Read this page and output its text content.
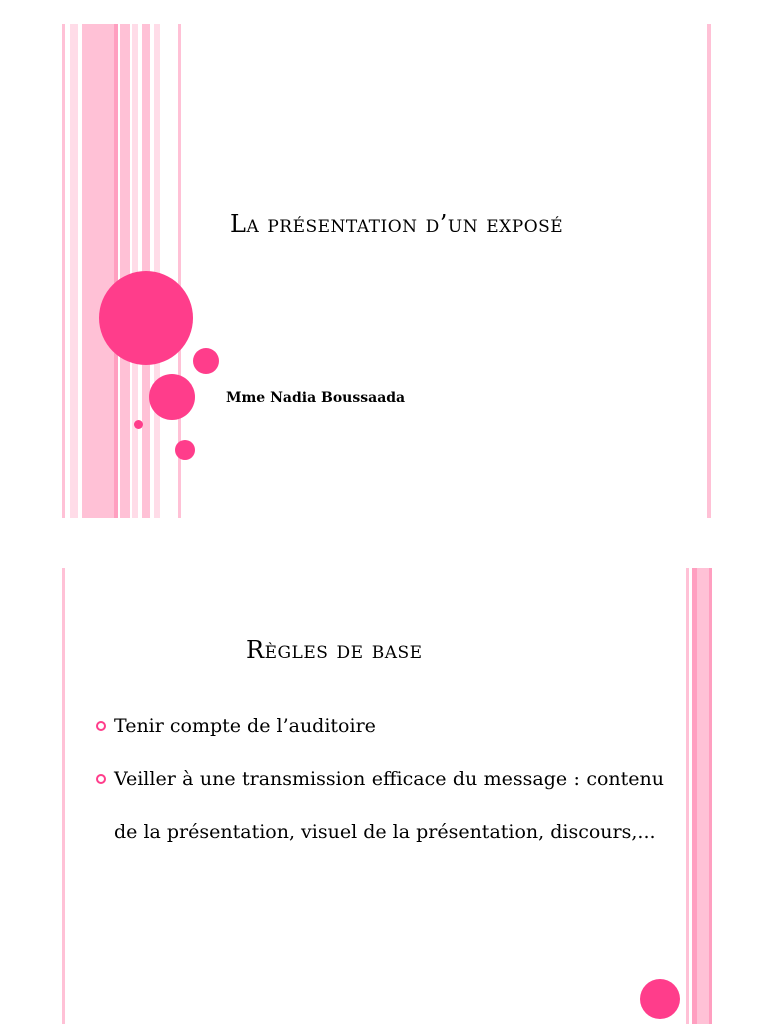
La présentation d’un exposé

Mme Nadia Boussaada

Règles de base
Tenir compte de l’auditoire
Veiller à une transmission efficace du message : contenu de la présentation, visuel de la présentation, discours,...
